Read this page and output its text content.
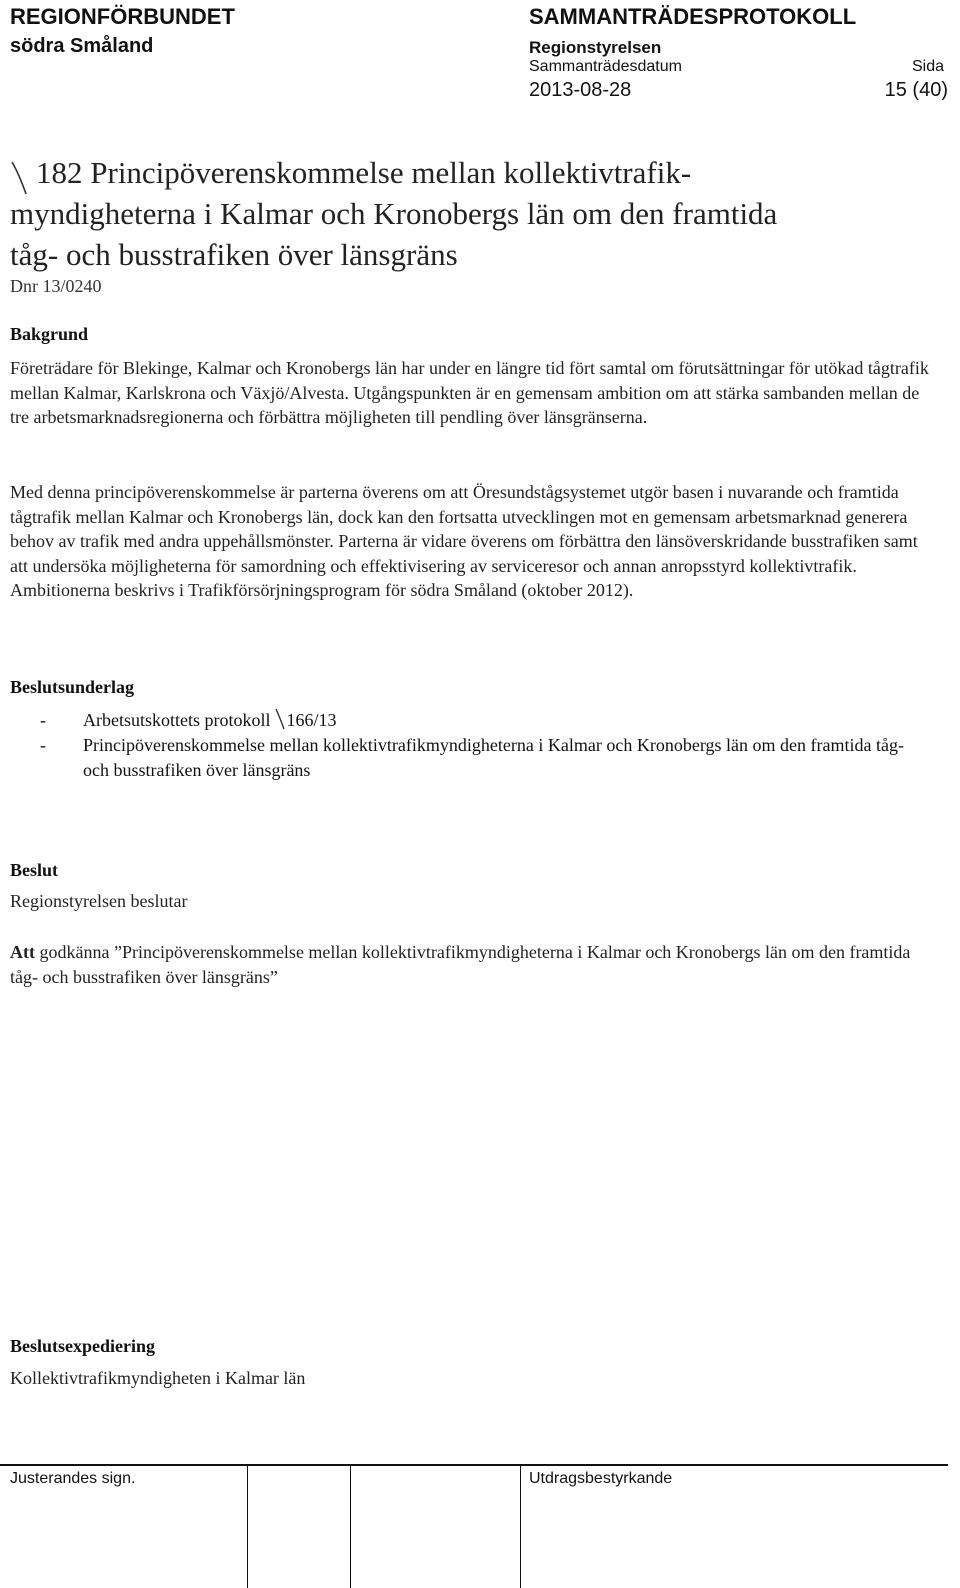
REGIONFÖRBUNDET
södra Småland
SAMMANTRÄDESPROTOKOLL
Regionstyrelsen
Sammanträdesdatum	Sida
2013-08-28	15 (40)
182 Principöverenskommelse mellan kollektivtrafik-
myndigheterna i Kalmar och Kronobergs län om den framtida
tåg- och busstrafiken över länsgräns
Dnr 13/0240
Bakgrund

Företrädare för Blekinge, Kalmar och Kronobergs län har under en längre tid fört samtal om förutsättningar för utökad tågtrafik mellan Kalmar, Karlskrona och Växjö/Alvesta. Utgångspunkten är en gemensam ambition om att stärka sambanden mellan de tre arbetsmarknadsregionerna och förbättra möjligheten till pendling över länsgränserna.

Med denna principöverenskommelse är parterna överens om att Öresundstågsystemet utgör basen i nuvarande och framtida tågtrafik mellan Kalmar och Kronobergs län, dock kan den fortsatta utvecklingen mot en gemensam arbetsmarknad generera behov av trafik med andra uppehållsmönster. Parterna är vidare överens om förbättra den länsöverskridande busstrafiken samt att undersöka möjligheterna för samordning och effektivisering av serviceresor och annan anropsstyrd kollektivtrafik. Ambitionerna beskrivs i Trafikförsörjningsprogram för södra Småland (oktober 2012).

Beslutsunderlag
- Arbetsutskottets protokoll 166/13
- Principöverenskommelse mellan kollektivtrafikmyndigheterna i Kalmar och Kronobergs län om den framtida tåg- och busstrafiken över länsgräns
Beslut

Regionstyrelsen beslutar

Att godkänna ”Principöverenskommelse mellan kollektivtrafikmyndigheterna i Kalmar och Kronobergs län om den framtida tåg- och busstrafiken över länsgräns”

Beslutsexpediering

Kollektivtrafikmyndigheten i Kalmar län

Justerandes sign.	Utdragsbestyrkande
